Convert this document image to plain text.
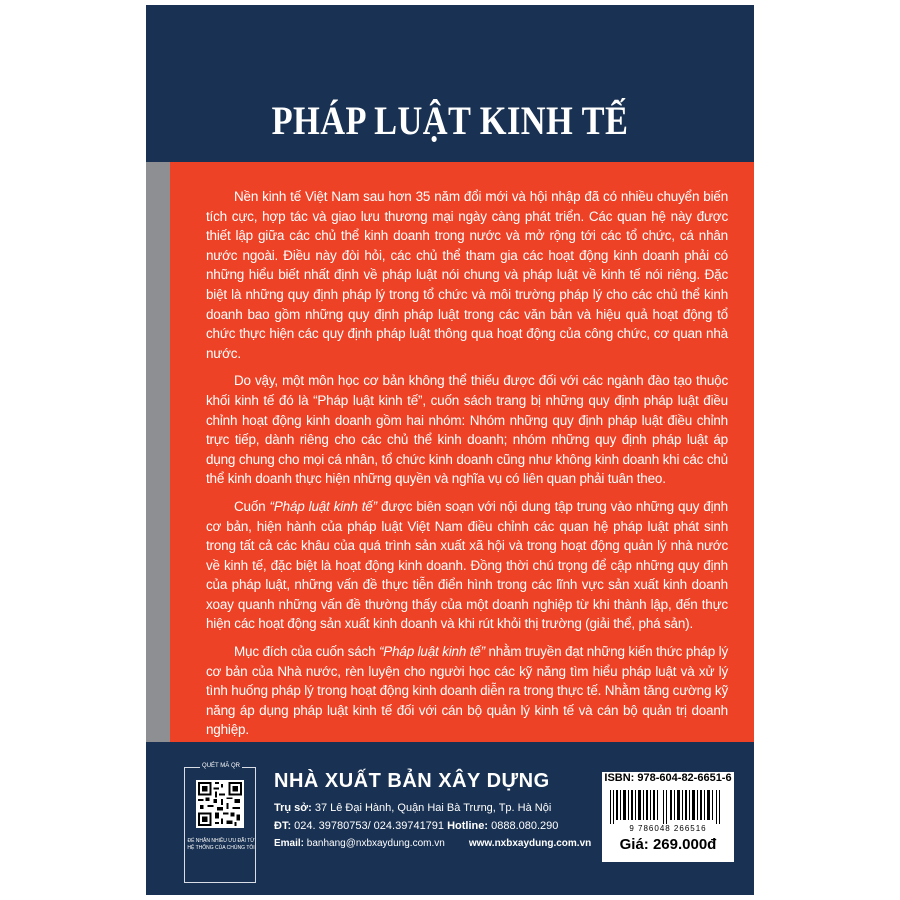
PHÁP LUẬT KINH TẾ

Nền kinh tế Việt Nam sau hơn 35 năm đổi mới và hội nhập đã có nhiều chuyển biến tích cực, hợp tác và giao lưu thương mại ngày càng phát triển. Các quan hệ này được thiết lập giữa các chủ thể kinh doanh trong nước và mở rộng tới các tổ chức, cá nhân nước ngoài. Điều này đòi hỏi, các chủ thể tham gia các hoạt động kinh doanh phải có những hiểu biết nhất định về pháp luật nói chung và pháp luật về kinh tế nói riêng. Đặc biệt là những quy định pháp lý trong tổ chức và môi trường pháp lý cho các chủ thể kinh doanh bao gồm những quy định pháp luật trong các văn bản và hiệu quả hoạt động tổ chức thực hiện các quy định pháp luật thông qua hoạt động của công chức, cơ quan nhà nước.

Do vậy, một môn học cơ bản không thể thiếu được đối với các ngành đào tạo thuộc khối kinh tế đó là “Pháp luật kinh tế”, cuốn sách trang bị những quy định pháp luật điều chỉnh hoạt động kinh doanh gồm hai nhóm: Nhóm những quy định pháp luật điều chỉnh trực tiếp, dành riêng cho các chủ thể kinh doanh; nhóm những quy định pháp luật áp dụng chung cho mọi cá nhân, tổ chức kinh doanh cũng như không kinh doanh khi các chủ thể kinh doanh thực hiện những quyền và nghĩa vụ có liên quan phải tuân theo.

Cuốn “Pháp luật kinh tế” được biên soạn với nội dung tập trung vào những quy định cơ bản, hiện hành của pháp luật Việt Nam điều chỉnh các quan hệ pháp luật phát sinh trong tất cả các khâu của quá trình sản xuất xã hội và trong hoạt động quản lý nhà nước về kinh tế, đặc biệt là hoạt động kinh doanh. Đồng thời chú trọng để cập những quy định của pháp luật, những vấn đề thực tiễn điển hình trong các lĩnh vực sản xuất kinh doanh xoay quanh những vấn đề thường thấy của một doanh nghiệp từ khi thành lập, đến thực hiện các hoạt động sản xuất kinh doanh và khi rút khỏi thị trường (giải thể, phá sản).

Mục đích của cuốn sách “Pháp luật kinh tế” nhằm truyền đạt những kiến thức pháp lý cơ bản của Nhà nước, rèn luyện cho người học các kỹ năng tìm hiểu pháp luật và xử lý tình huống pháp lý trong hoạt động kinh doanh diễn ra trong thực tế. Nhằm tăng cường kỹ năng áp dụng pháp luật kinh tế đối với cán bộ quản lý kinh tế và cán bộ quản trị doanh nghiệp.

QUÉT MÃ QR
ĐỂ NHẬN NHIỀU ƯU ĐÃI TỪ HỆ THỐNG CỦA CHÚNG TÔI
NHÀ XUẤT BẢN XÂY DỰNG
Trụ sở: 37 Lê Đại Hành, Quận Hai Bà Trưng, Tp. Hà Nội
ĐT: 024. 39780753/ 024.39741791 Hotline: 0888.080.290
Email: banhang@nxbxaydung.com.vn www.nxbxaydung.com.vn
ISBN: 978-604-82-6651-6
9 786048 266516
Giá: 269.000đ
